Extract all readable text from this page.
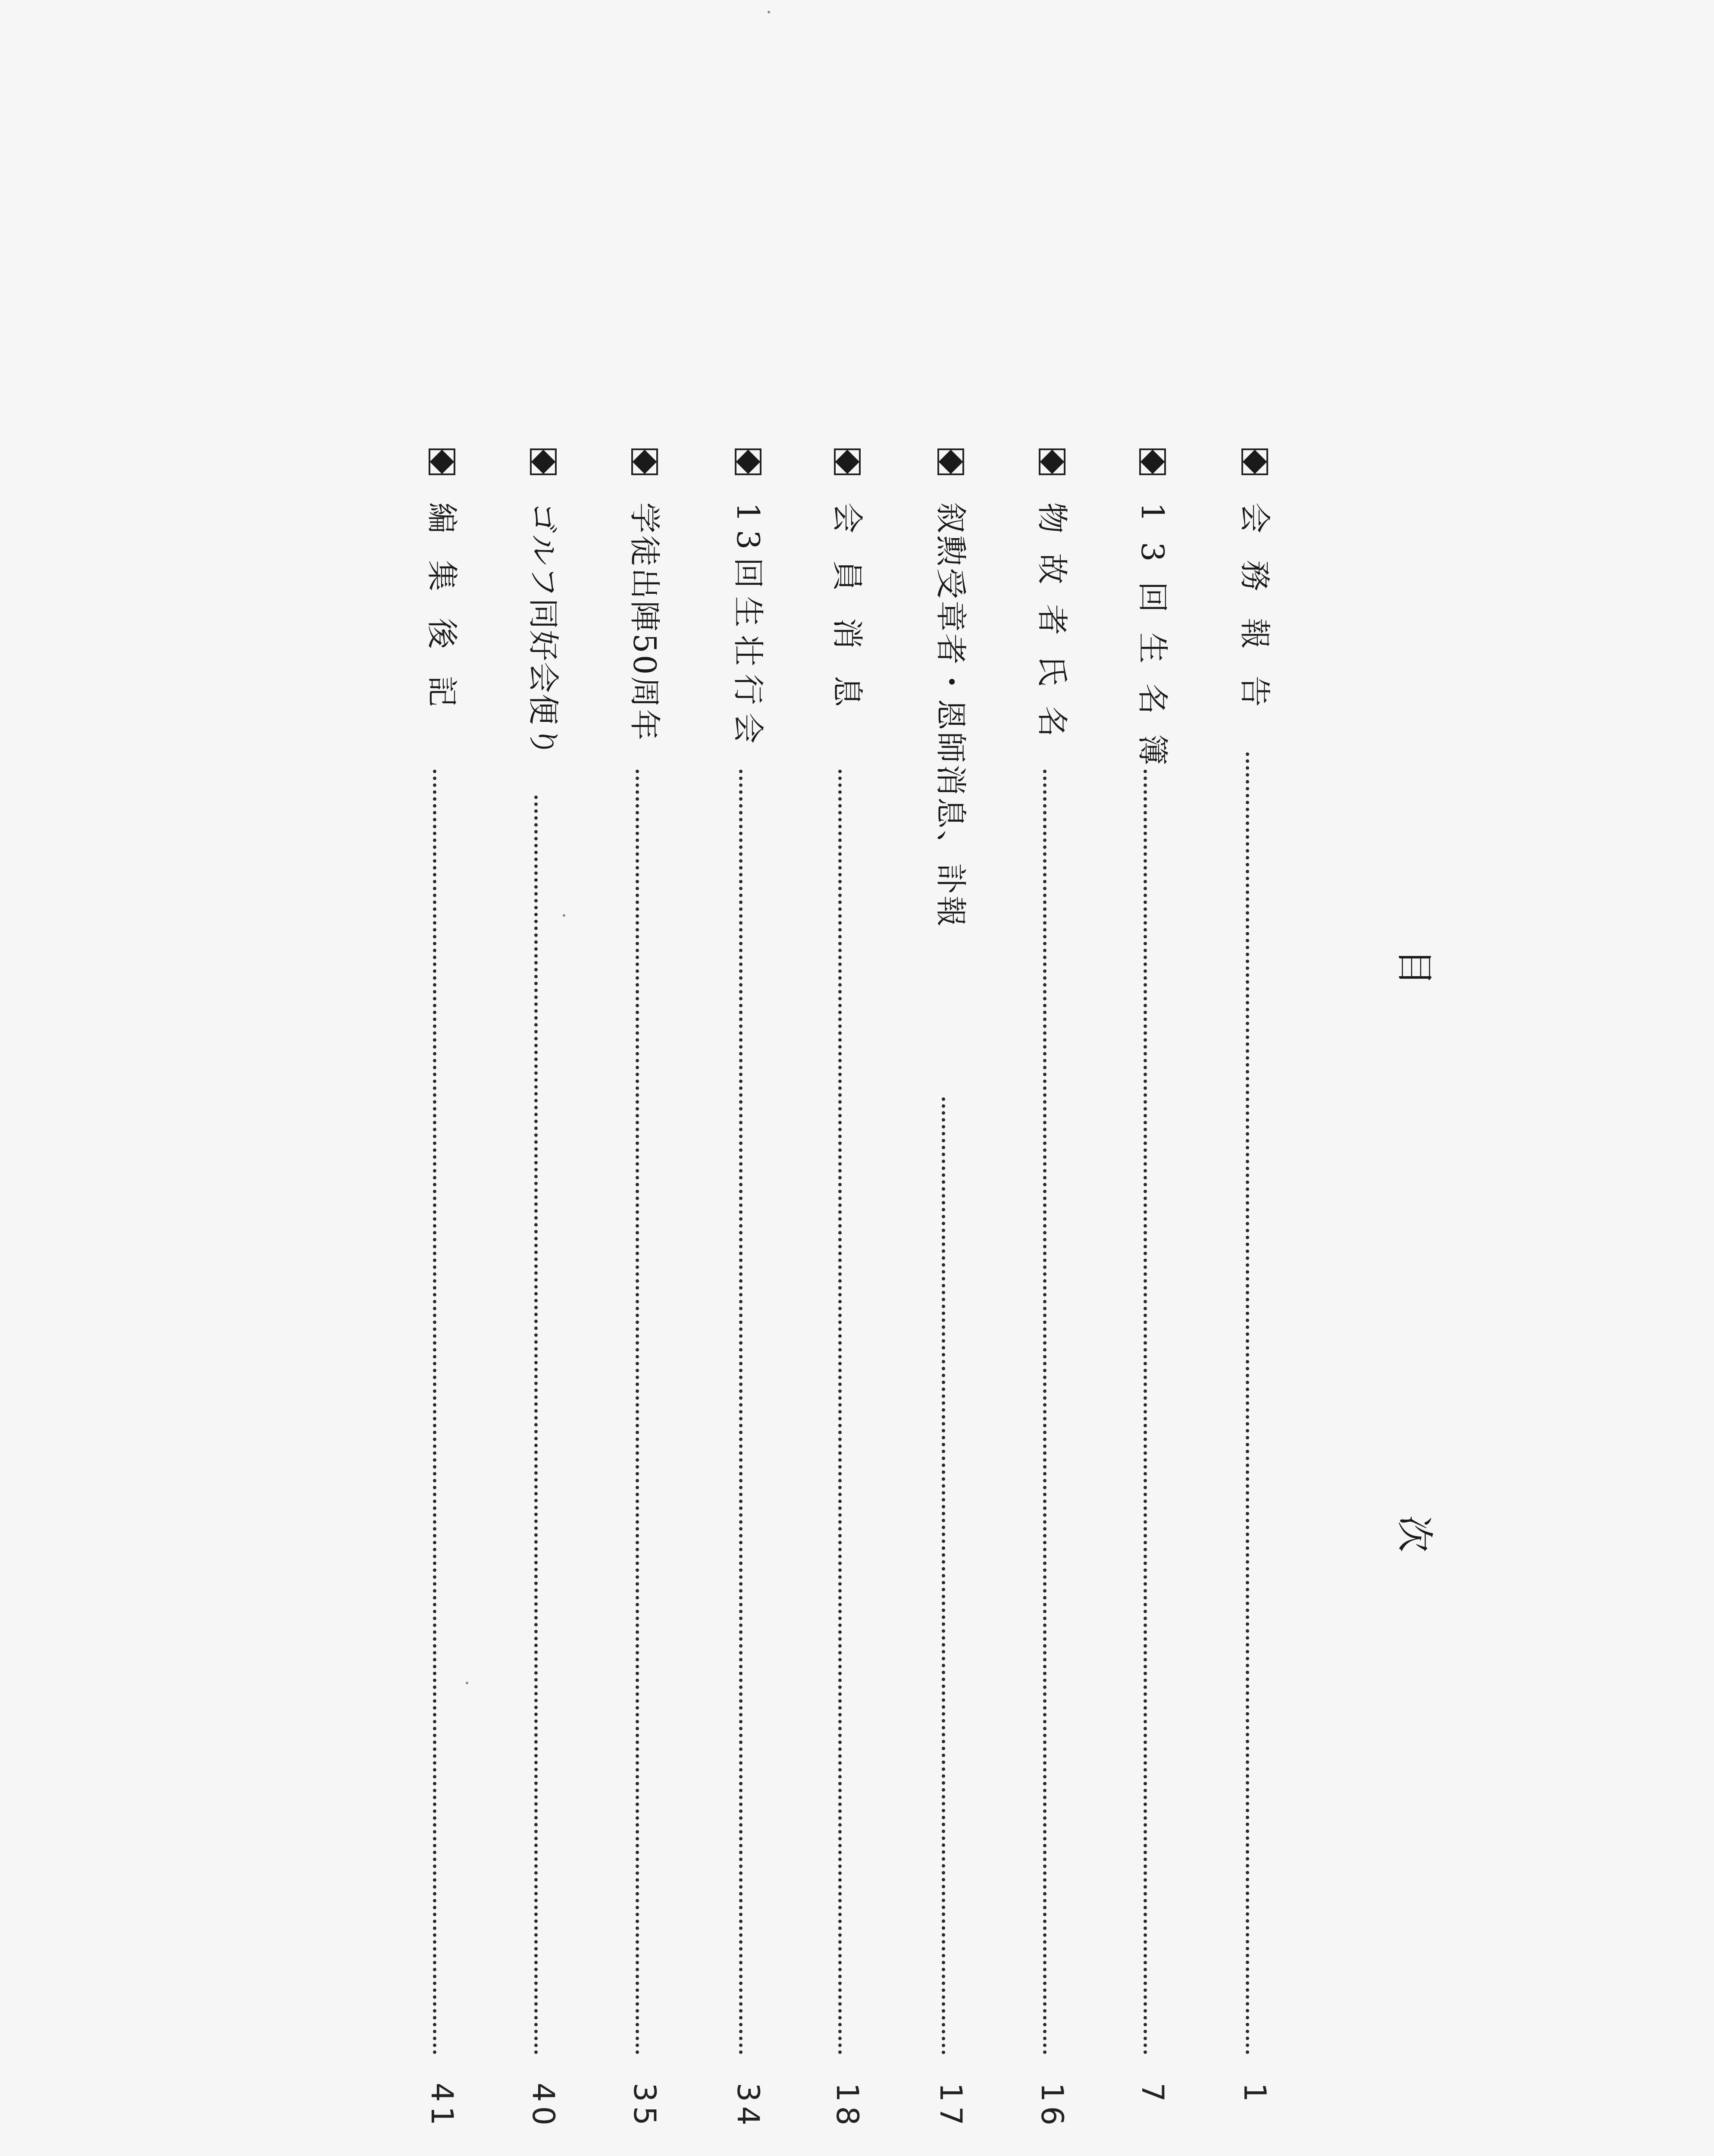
目
次
会務報告
1
13回生名簿
7
物故者氏名
16
叙勲受章者・恩師消息、訃報
17
会員消息
18
13回生壮行会
34
学徒出陣50周年
35
ゴルフ同好会便り
40
編集後記
41
